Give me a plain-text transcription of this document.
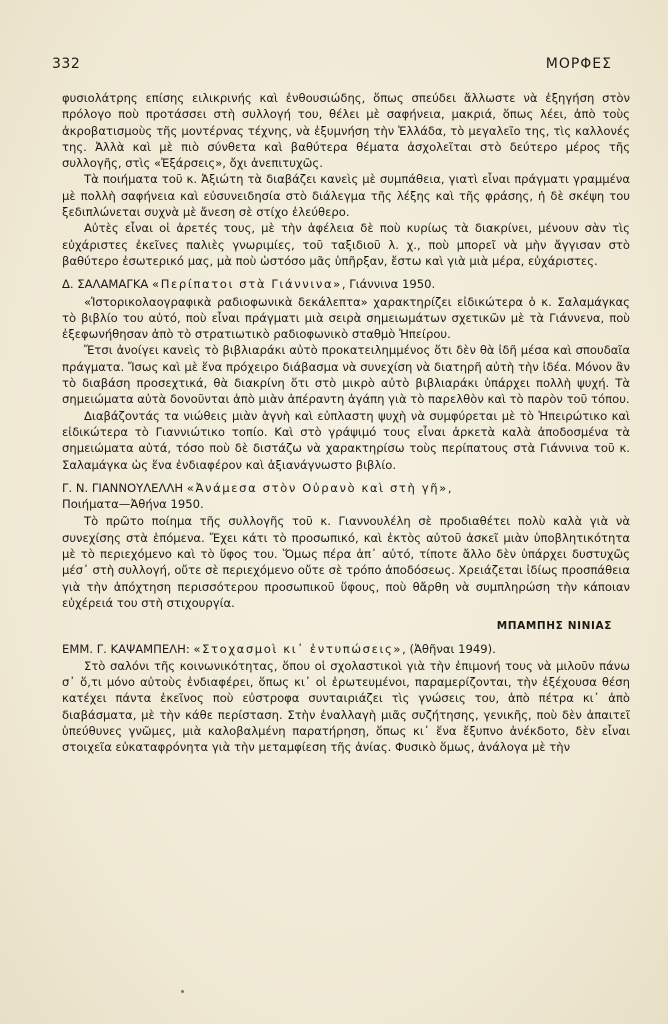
332	ΜΟΡΦΕΣ

φυσιολάτρης επίσης ειλικρινής καὶ ἐνθουσιώδης, ὅπως σπεύδει ἄλλωστε νὰ ἐξηγήση στὸν πρόλογο ποὺ προτάσσει στὴ συλλογή του, θέλει μὲ σαφήνεια, μακριά, ὅπως λέει, ἀπὸ τοὺς ἀκροβατισμοὺς τῆς μοντέρνας τέχνης, νὰ ἐξυμνήση τὴν Ἑλλάδα, τὸ μεγαλεῖο της, τὶς καλλονές της. Ἀλλὰ καὶ μὲ πιὸ σύνθετα καὶ βαθύτερα θέματα ἀσχολεῖται στὸ δεύτερο μέρος τῆς συλλογῆς, στὶς «Ἐξάρσεις», ὄχι ἀνεπιτυχῶς.

Τὰ ποιήματα τοῦ κ. Ἀξιώτη τὰ διαβάζει κανεὶς μὲ συμπάθεια, γιατὶ εἶναι πράγματι γραμμένα μὲ πολλὴ σαφήνεια καὶ εὐσυνειδησία στὸ διάλεγμα τῆς λέξης καὶ τῆς φράσης, ἡ δὲ σκέψη του ξεδιπλώνεται συχνὰ μὲ ἄνεση σὲ στίχο ἐλεύθερο.

Αὐτὲς εἶναι οἱ ἀρετές τους, μὲ τὴν ἀφέλεια δὲ ποὺ κυρίως τὰ διακρίνει, μένουν σὰν τὶς εὐχάριστες ἐκεῖνες παλιὲς γνωριμίες, τοῦ ταξιδιοῦ λ. χ., ποὺ μπορεῖ νὰ μὴν ἄγγισαν στὸ βαθύτερο ἐσωτερικό μας, μὰ ποὺ ὡστόσο μᾶς ὑπῆρξαν, ἔστω καὶ γιὰ μιὰ μέρα, εὐχάριστες.

Δ. ΣΑΛΑΜΑΓΚΑ «Περίπατοι στὰ Γιάννινα», Γιάννινα 1950.

«Ἱστορικολαογραφικὰ ραδιοφωνικὰ δεκάλεπτα» χαρακτηρίζει εἰδικώτερα ὁ κ. Σαλαμάγκας τὸ βιβλίο του αὐτό, ποὺ εἶναι πράγματι μιὰ σειρὰ σημειωμάτων σχετικῶν μὲ τὰ Γιάννενα, ποὺ ἐξεφωνήθησαν ἀπὸ τὸ στρατιωτικὸ ραδιοφωνικὸ σταθμὸ Ἠπείρου.

Ἔτσι ἀνοίγει κανεὶς τὸ βιβλιαράκι αὐτὸ προκατειλημμένος ὅτι δὲν θὰ ἰδῆ μέσα καὶ σπουδαῖα πράγματα. Ἴσως καὶ μὲ ἕνα πρόχειρο διάβασμα νὰ συνεχίση νὰ διατηρῆ αὐτὴ τὴν ἰδέα. Μόνον ἂν τὸ διαβάση προσεχτικά, θὰ διακρίνη ὅτι στὸ μικρὸ αὐτὸ βιβλιαράκι ὑπάρχει πολλὴ ψυχή. Τὰ σημειώματα αὐτὰ δονοῦνται ἀπὸ μιὰν ἀπέραντη ἀγάπη γιὰ τὸ παρελθὸν καὶ τὸ παρὸν τοῦ τόπου.

Διαβάζοντάς τα νιώθεις μιὰν ἁγνὴ καὶ εὐπλαστη ψυχὴ νὰ συμφύρεται μὲ τὸ Ἠπειρώτικο καὶ εἰδικώτερα τὸ Γιαννιώτικο τοπίο. Καὶ στὸ γράψιμό τους εἶναι ἀρκετὰ καλὰ ἀποδοσμένα τὰ σημειώματα αὐτά, τόσο ποὺ δὲ διστάζω νὰ χαρακτηρίσω τοὺς περίπατους στὰ Γιάννινα τοῦ κ. Σαλαμάγκα ὡς ἕνα ἐνδιαφέρον καὶ ἀξιανάγνωστο βιβλίο.

Γ. Ν. ΓΙΑΝΝΟΥΛΕΛΛΗ «Ἀνάμεσα στὸν Οὐρανὸ καὶ στὴ γῆ»,
Ποιήματα—Ἀθήνα 1950.

Τὸ πρῶτο ποίημα τῆς συλλογῆς τοῦ κ. Γιαννουλέλη σὲ προδιαθέτει πολὺ καλὰ γιὰ νὰ συνεχίσης στὰ ἑπόμενα. Ἔχει κάτι τὸ προσωπικό, καὶ ἐκτὸς αὐτοῦ ἀσκεῖ μιὰν ὑποβλητικότητα μὲ τὸ περιεχόμενο καὶ τὸ ὕφος του. Ὅμως πέρα ἀπ᾽ αὐτό, τίποτε ἄλλο δὲν ὑπάρχει δυστυχῶς μέσ᾽ στὴ συλλογή, οὔτε σὲ περιεχόμενο οὔτε σὲ τρόπο ἀποδόσεως. Χρειάζεται ἰδίως προσπάθεια γιὰ τὴν ἀπόχτηση περισσότερου προσωπικοῦ ὕφους, ποὺ θἄρθη νὰ συμπληρώση τὴν κάποιαν εὐχέρειά του στὴ στιχουργία.

ΜΠΑΜΠΗΣ ΝΙΝΙΑΣ

ΕΜΜ. Γ. ΚΑΨΑΜΠΕΛΗ: «Στοχασμοὶ κι᾽ ἐντυπώσεις», (Ἀθῆναι 1949).

Στὸ σαλόνι τῆς κοινωνικότητας, ὅπου οἱ σχολαστικοὶ γιὰ τὴν ἐπιμονή τους νὰ μιλοῦν πάνω σ᾽ ὅ,τι μόνο αὐτοὺς ἐνδιαφέρει, ὅπως κι᾽ οἱ ἐρωτευμένοι, παραμερίζονται, τὴν ἐξέχουσα θέση κατέχει πάντα ἐκεῖνος ποὺ εὐστροφα συνταιριάζει τὶς γνώσεις του, ἀπὸ πέτρα κι᾽ ἀπὸ διαβάσματα, μὲ τὴν κάθε περίσταση. Στὴν ἐναλλαγὴ μιᾶς συζήτησης, γενικῆς, ποὺ δὲν ἀπαιτεῖ ὑπεύθυνες γνῶμες, μιὰ καλοβαλμένη παρατήρηση, ὅπως κι᾽ ἕνα ἔξυπνο ἀνέκδοτο, δὲν εἶναι στοιχεῖα εὐκαταφρόνητα γιὰ τὴν μεταμφίεση τῆς ἀνίας. Φυσικὸ ὅμως, ἀνάλογα μὲ τὴν
